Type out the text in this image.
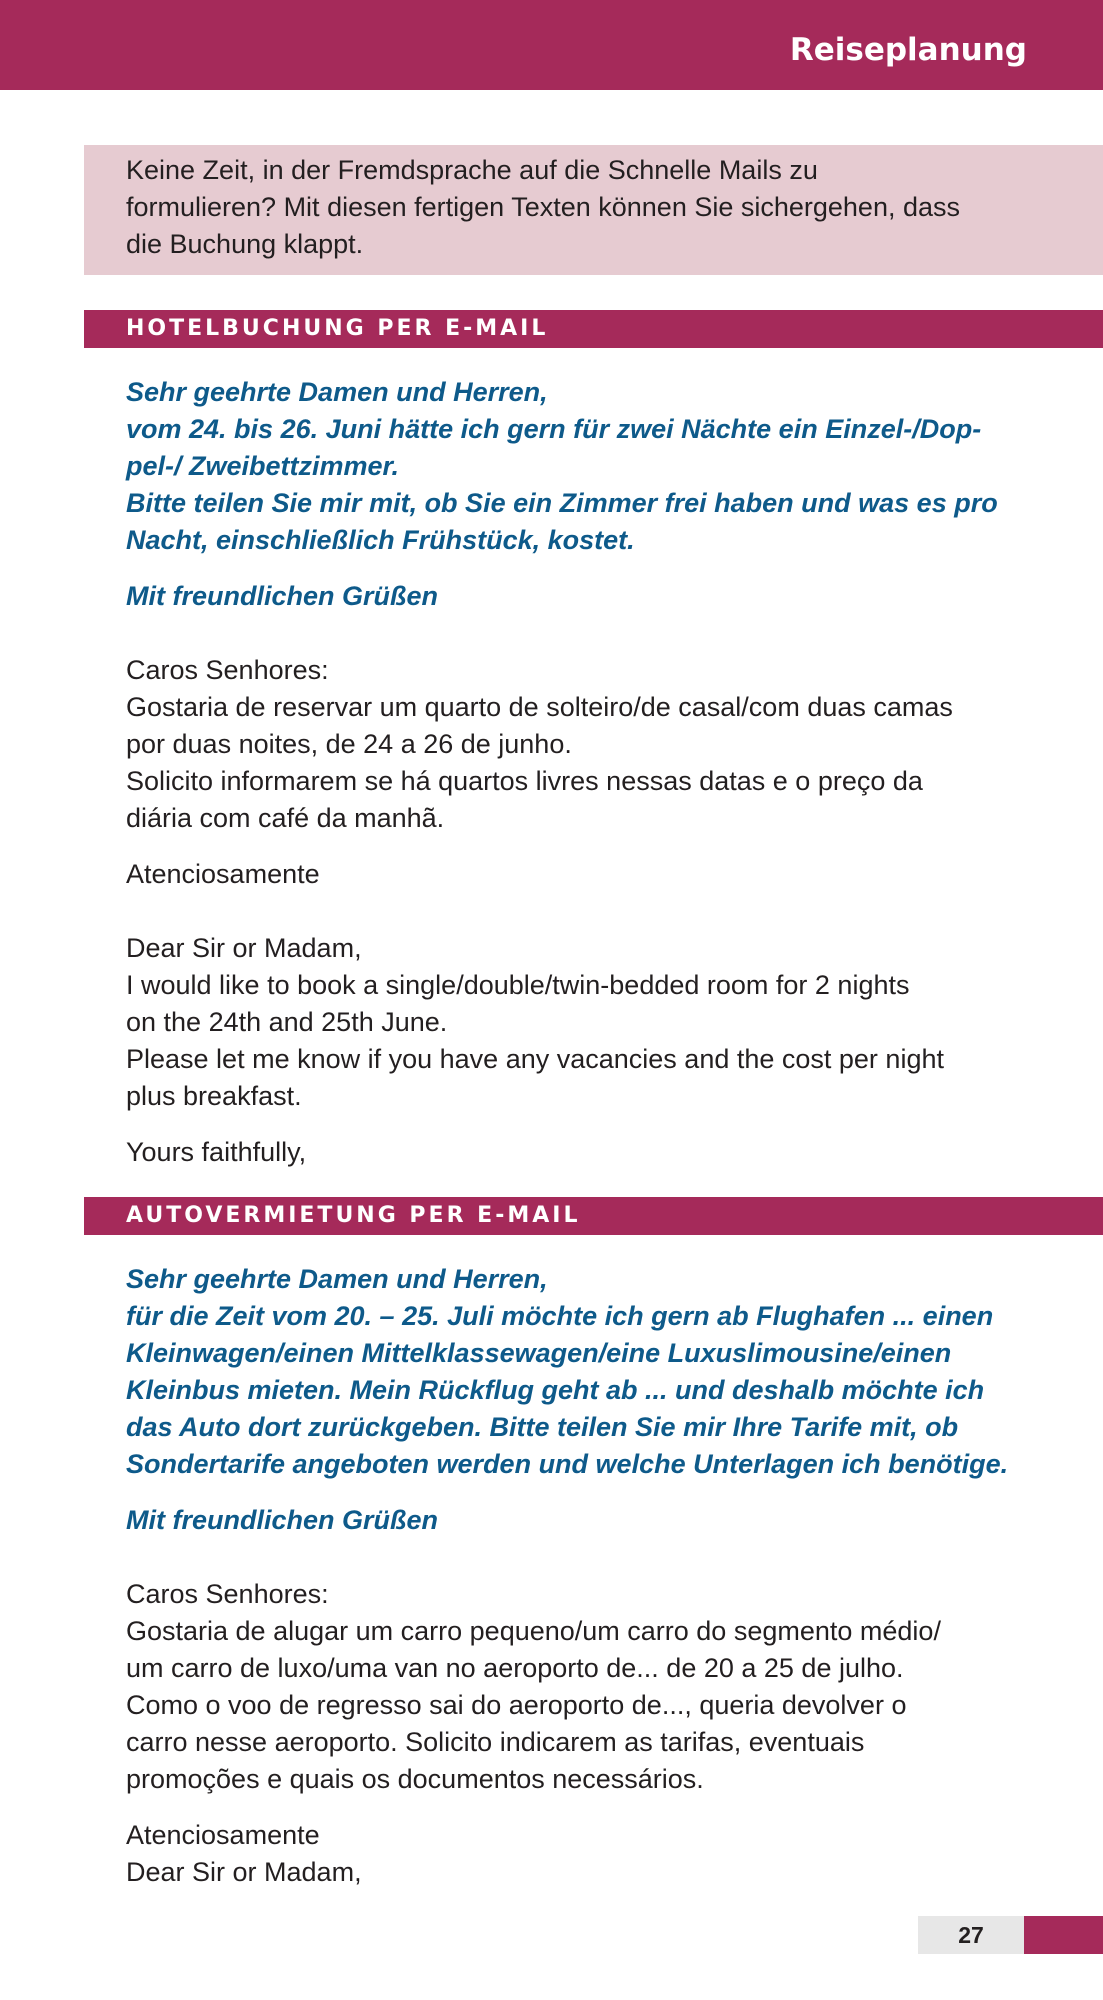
Reiseplanung
Keine Zeit, in der Fremdsprache auf die Schnelle Mails zu
formulieren? Mit diesen fertigen Texten können Sie sichergehen, dass
die Buchung klappt.
HOTELBUCHUNG PER E-MAIL
Sehr geehrte Damen und Herren,
vom 24. bis 26. Juni hätte ich gern für zwei Nächte ein Einzel-/Dop-
pel-/ Zweibettzimmer.
Bitte teilen Sie mir mit, ob Sie ein Zimmer frei haben und was es pro
Nacht, einschließlich Frühstück, kostet.
Mit freundlichen Grüßen
Caros Senhores:
Gostaria de reservar um quarto de solteiro/de casal/com duas camas
por duas noites, de 24 a 26 de junho.
Solicito informarem se há quartos livres nessas datas e o preço da
diária com café da manhã.
Atenciosamente
Dear Sir or Madam,
I would like to book a single/double/twin-bedded room for 2 nights
on the 24th and 25th June.
Please let me know if you have any vacancies and the cost per night
plus breakfast.
Yours faithfully,
AUTOVERMIETUNG PER E-MAIL
Sehr geehrte Damen und Herren,
für die Zeit vom 20. – 25. Juli möchte ich gern ab Flughafen ... einen
Kleinwagen/einen Mittelklassewagen/eine Luxuslimousine/einen
Kleinbus mieten. Mein Rückflug geht ab ... und deshalb möchte ich
das Auto dort zurückgeben. Bitte teilen Sie mir Ihre Tarife mit, ob
Sondertarife angeboten werden und welche Unterlagen ich benötige.
Mit freundlichen Grüßen
Caros Senhores:
Gostaria de alugar um carro pequeno/um carro do segmento médio/
um carro de luxo/uma van no aeroporto de... de 20 a 25 de julho.
Como o voo de regresso sai do aeroporto de..., queria devolver o
carro nesse aeroporto. Solicito indicarem as tarifas, eventuais
promoções e quais os documentos necessários.
Atenciosamente
Dear Sir or Madam,
27
